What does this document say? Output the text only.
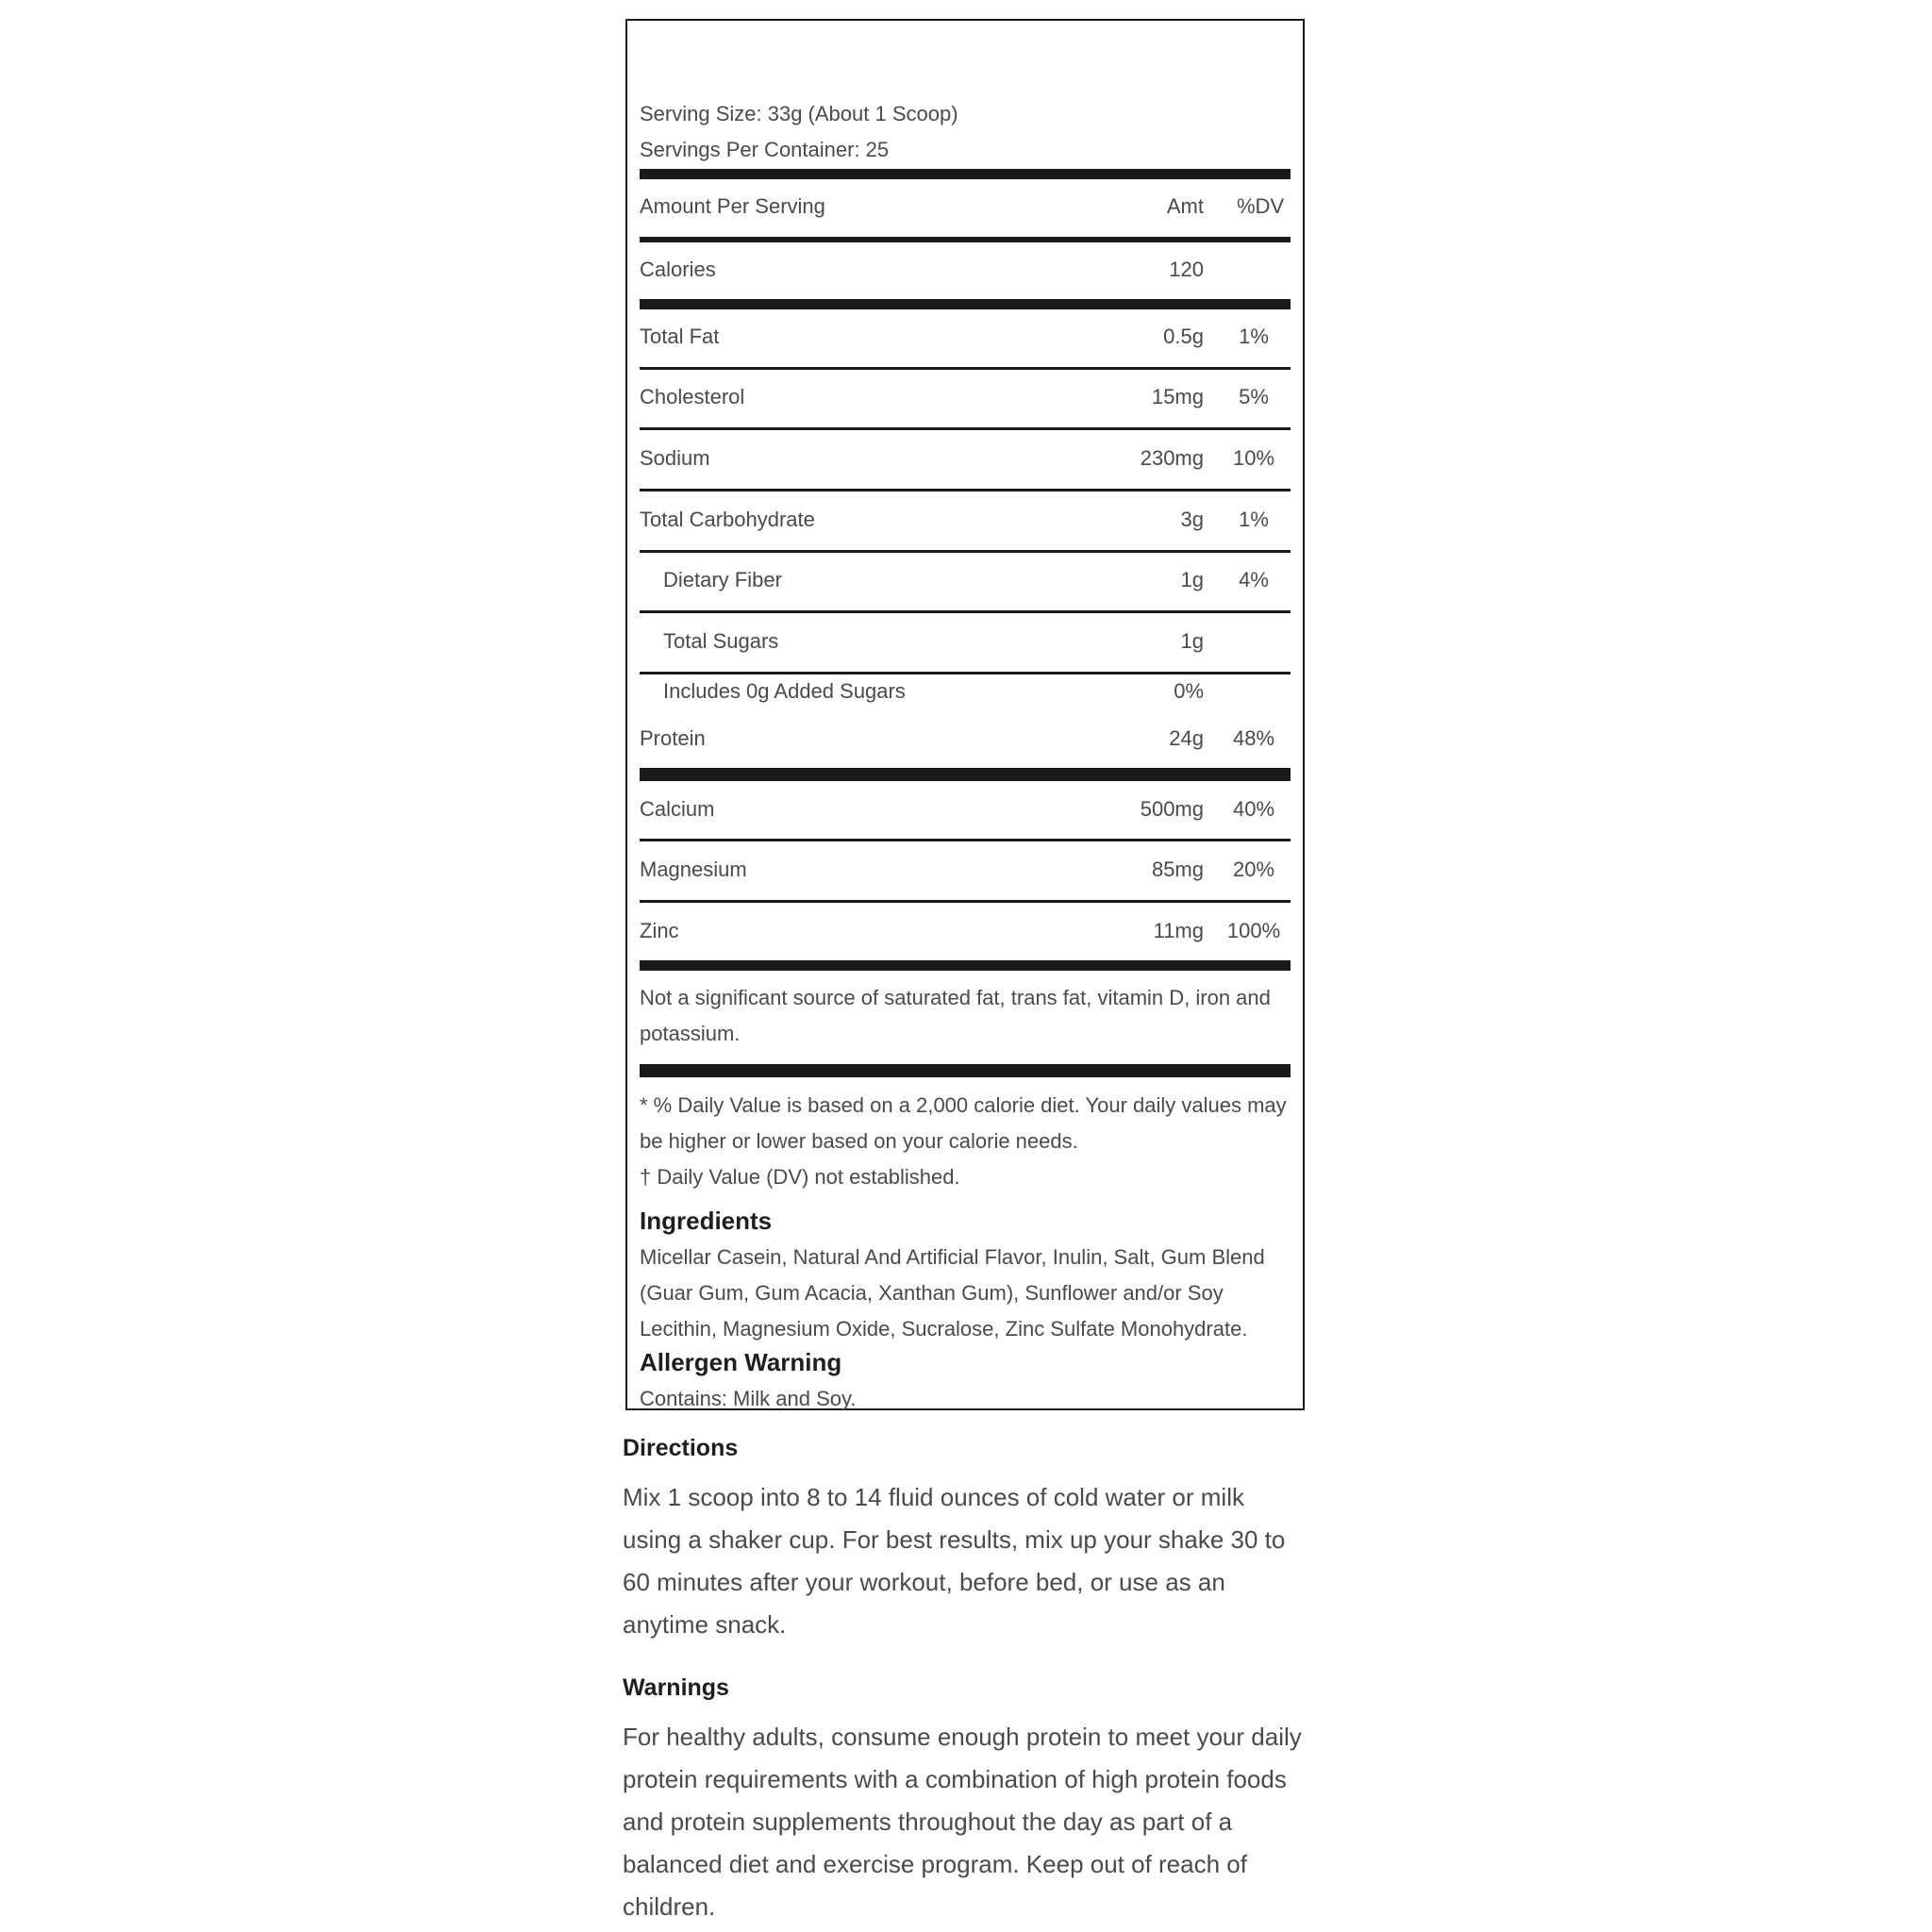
Serving Size: 33g (About 1 Scoop)
Servings Per Container: 25
Amount Per Serving	Amt %DV
Calories	120
Total Fat	0.5g	1%
Cholesterol	15mg	5%
Sodium	230mg	10%
Total Carbohydrate	3g	1%
Dietary Fiber	1g	4%
Total Sugars	1g
Includes 0g Added Sugars	0%
Protein	24g	48%
Calcium	500mg	40%
Magnesium	85mg	20%
Zinc	11mg 100%
Not a significant source of saturated fat, trans fat, vitamin D, iron and potassium.
* % Daily Value is based on a 2,000 calorie diet. Your daily values may be higher or lower based on your calorie needs.
† Daily Value (DV) not established.
Ingredients
Micellar Casein, Natural And Artificial Flavor, Inulin, Salt, Gum Blend (Guar Gum, Gum Acacia, Xanthan Gum), Sunflower and/or Soy Lecithin, Magnesium Oxide, Sucralose, Zinc Sulfate Monohydrate.
Allergen Warning
Contains: Milk and Soy.
Directions
Mix 1 scoop into 8 to 14 fluid ounces of cold water or milk using a shaker cup. For best results, mix up your shake 30 to 60 minutes after your workout, before bed, or use as an anytime snack.
Warnings
For healthy adults, consume enough protein to meet your daily protein requirements with a combination of high protein foods and protein supplements throughout the day as part of a balanced diet and exercise program. Keep out of reach of children.
